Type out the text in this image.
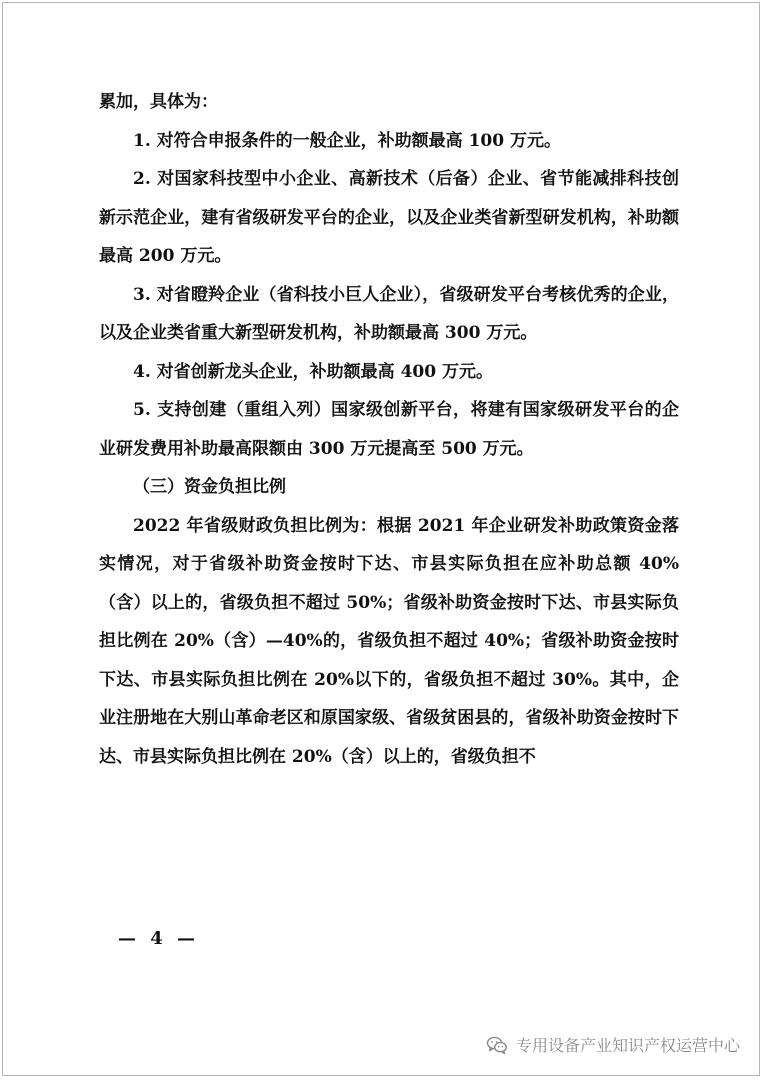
累加，具体为：

1. 对符合申报条件的一般企业，补助额最高 100 万元。

2. 对国家科技型中小企业、高新技术（后备）企业、省节能减排科技创新示范企业，建有省级研发平台的企业，以及企业类省新型研发机构，补助额最高 200 万元。

3. 对省瞪羚企业（省科技小巨人企业），省级研发平台考核优秀的企业，以及企业类省重大新型研发机构，补助额最高 300 万元。

4. 对省创新龙头企业，补助额最高 400 万元。

5. 支持创建（重组入列）国家级创新平台，将建有国家级研发平台的企业研发费用补助最高限额由 300 万元提高至 500 万元。

（三）资金负担比例

2022 年省级财政负担比例为：根据 2021 年企业研发补助政策资金落实情况，对于省级补助资金按时下达、市县实际负担在应补助总额 40%（含）以上的，省级负担不超过 50%；省级补助资金按时下达、市县实际负担比例在 20%（含）—40%的，省级负担不超过 40%；省级补助资金按时下达、市县实际负担比例在 20%以下的，省级负担不超过 30%。其中，企业注册地在大别山革命老区和原国家级、省级贫困县的，省级补助资金按时下达、市县实际负担比例在 20%（含）以上的，省级负担不

— 4 —
专用设备产业知识产权运营中心
